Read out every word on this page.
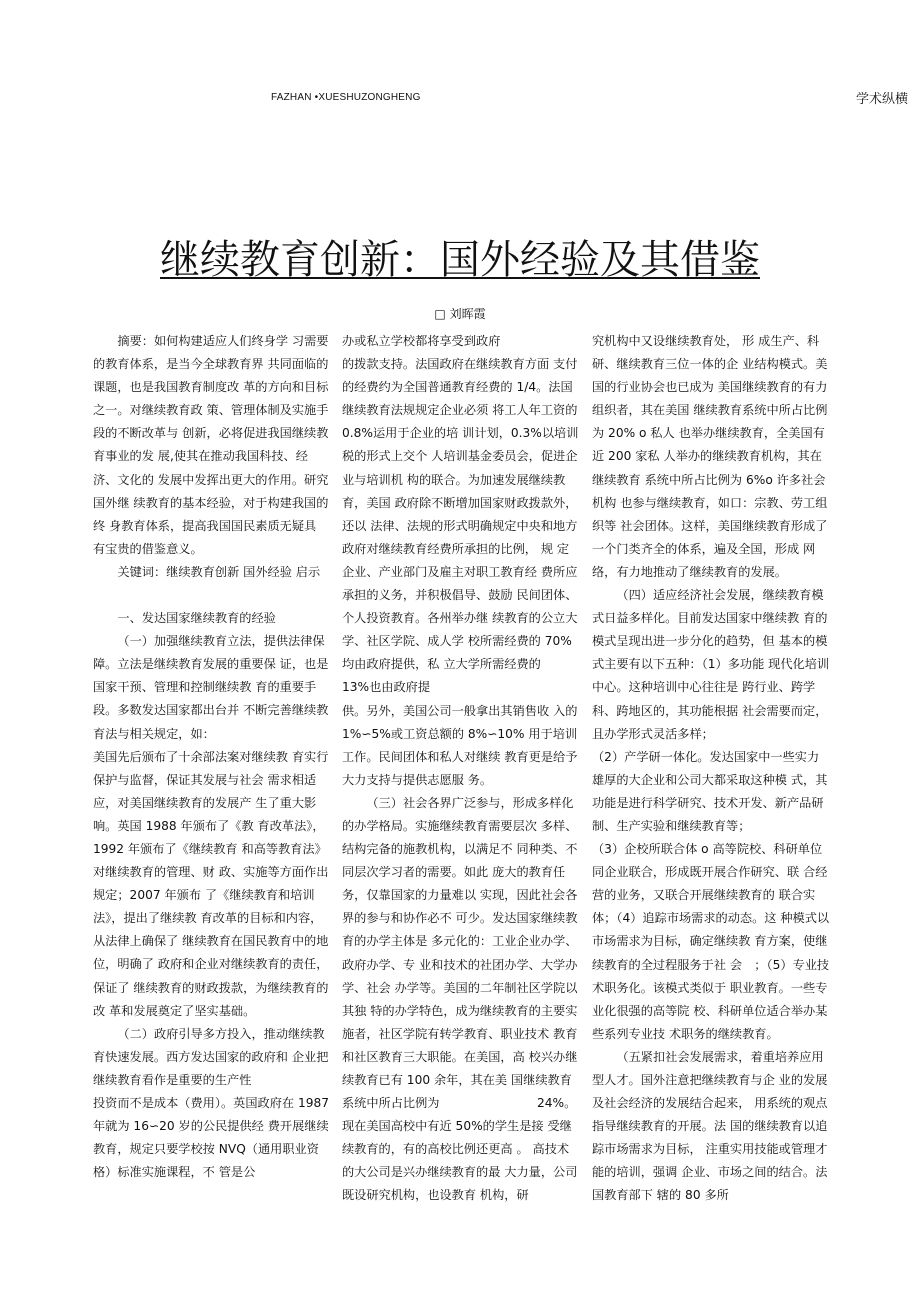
FAZHAN •XUESHUZONGHENG	学术纵横
继续教育创新：国外经验及其借鉴
□ 刘晖霞

摘要：如何构建适应人们终身学 习需要的教育体系，是当今全球教育界 共同面临的课题，也是我国教育制度改 革的方向和目标之一。对继续教育政 策、管理体制及实施手段的不断改革与 创新，必将促进我国继续教育事业的发 展,使其在推动我国科技、经济、文化的 发展中发挥出更大的作用。研究国外继 续教育的基本经验，对于构建我国的终 身教育体系，提高我国国民素质无疑具 有宝贵的借鉴意义。

关键词：继续教育创新 国外经验 启示

一、发达国家继续教育的经验

（一）加强继续教育立法，提供法律保障。立法是继续教育发展的重要保 证，也是国家干预、管理和控制继续教 育的重要手段。多数发达国家都出台并 不断完善继续教育法与相关规定，如：

美国先后颁布了十余部法案对继续教 育实行保护与监督，保证其发展与社会 需求相适应，对美国继续教育的发展产 生了重大影响。英国 1988 年颁布了《教 育改革法》，1992 年颁布了《继续教育 和高等教育法》对继续教育的管理、财 政、实施等方面作出规定；2007 年颁布 了《继续教育和培训法》，提出了继续教 育改革的目标和内容，从法律上确保了 继续教育在国民教育中的地位，明确了 政府和企业对继续教育的责任，保证了 继续教育的财政拨款，为继续教育的改 革和发展奠定了坚实基础。

（二）政府引导多方投入，推动继续教育快速发展。西方发达国家的政府和 企业把继续教育看作是重要的生产性

投资而不是成本（费用）。英国政府在 1987 年就为 16∽20 岁的公民提供经 费开展继续教育，规定只要学校按 NVQ（通用职业资格）标准实施课程，不 管是公

办或私立学校都将享受到政府

的拨款支持。法国政府在继续教育方面 支付的经费约为全国普通教育经费的 1/4。法国继续教育法规规定企业必须 将工人年工资的 0.8%运用于企业的培 训计划，0.3%以培训税的形式上交个 人培训基金委员会，促进企业与培训机 构的联合。为加速发展继续教育，美国 政府除不断增加国家财政拨款外，还以 法律、法规的形式明确规定中央和地方 政府对继续教育经费所承担的比例， 规 定企业、产业部门及雇主对职工教育经 费所应承担的义务，并积极倡导、鼓励 民间团体、个人投资教育。各州举办继 续教育的公立大学、社区学院、成人学 校所需经费的 70%均由政府提供，私 立大学所需经费的　 13%也由政府提

供。另外，美国公司一般拿出其销售收 入的 1%∽5%或工资总额的 8%∽10% 用于培训工作。民间团体和私人对继续 教育更是给予大力支持与提供志愿服 务。

（三）社会各界广泛参与，形成多样化的办学格局。实施继续教育需要层次 多样、结构完备的施教机构，以满足不 同种类、不同层次学习者的需要。如此 庞大的教育任务，仅靠国家的力量难以 实现，因此社会各界的参与和协作必不 可少。发达国家继续教育的办学主体是 多元化的：工业企业办学、政府办学、专 业和技术的社团办学、大学办学、社会 办学等。美国的二年制社区学院以其独 特的办学特色，成为继续教育的主要实 施者，社区学院有转学教育、职业技术 教育和社区教育三大职能。在美国，高 校兴办继续教育已有 100 余年，其在美 国继续教育系统中所占比例为　　　　　　　　24%。现在美国高校中有近 50%的学生是接 受继续教育的，有的高校比例还更高 。 高技术的大公司是兴办继续教育的最 大力量，公司既设研究机构，也设教育 机构，研

究机构中又设继续教育处， 形 成生产、科研、继续教育三位一体的企 业结构模式。美国的行业协会也已成为 美国继续教育的有力组织者，其在美国 继续教育系统中所占比例为 20% o 私人 也举办继续教育，全美国有近 200 家私 人举办的继续教育机构，其在继续教育 系统中所占比例为 6%o 许多社会机构 也参与继续教育，如口：宗教、劳工组织等 社会团体。这样，美国继续教育形成了 一个门类齐全的体系，遍及全国，形成 网络，有力地推动了继续教育的发展。

（四）适应经济社会发展，继续教育模式日益多样化。目前发达国家中继续教 育的模式呈现出进一步分化的趋势，但 基本的模式主要有以下五种：（1）多功能 现代化培训中心。这种培训中心往往是 跨行业、跨学科、跨地区的，其功能根据 社会需要而定，且办学形式灵活多样；

（2）产学研一体化。发达国家中一些实力 雄厚的大企业和公司大都采取这种模 式，其功能是进行科学研究、技术开发、新产品研制、生产实验和继续教育等；

（3）企校所联合体 o 高等院校、科研单位 同企业联合，形成既开展合作研究、联 合经营的业务，又联合开展继续教育的 联合实体；（4）追踪市场需求的动态。这 种模式以市场需求为目标，确定继续教 育方案，使继续教育的全过程服务于社 会　；（5）专业技术职务化。该模式类似于 职业教育。一些专业化很强的高等院 校、科研单位适合举办某些系列专业技 术职务的继续教育。

（五紧扣社会发展需求，着重培养应用型人才。国外注意把继续教育与企 业的发展及社会经济的发展结合起来， 用系统的观点指导继续教育的开展。法 国的继续教育以追踪市场需求为目标， 注重实用技能或管理才能的培训，强调 企业、市场之间的结合。法国教育部下 辖的 80 多所
